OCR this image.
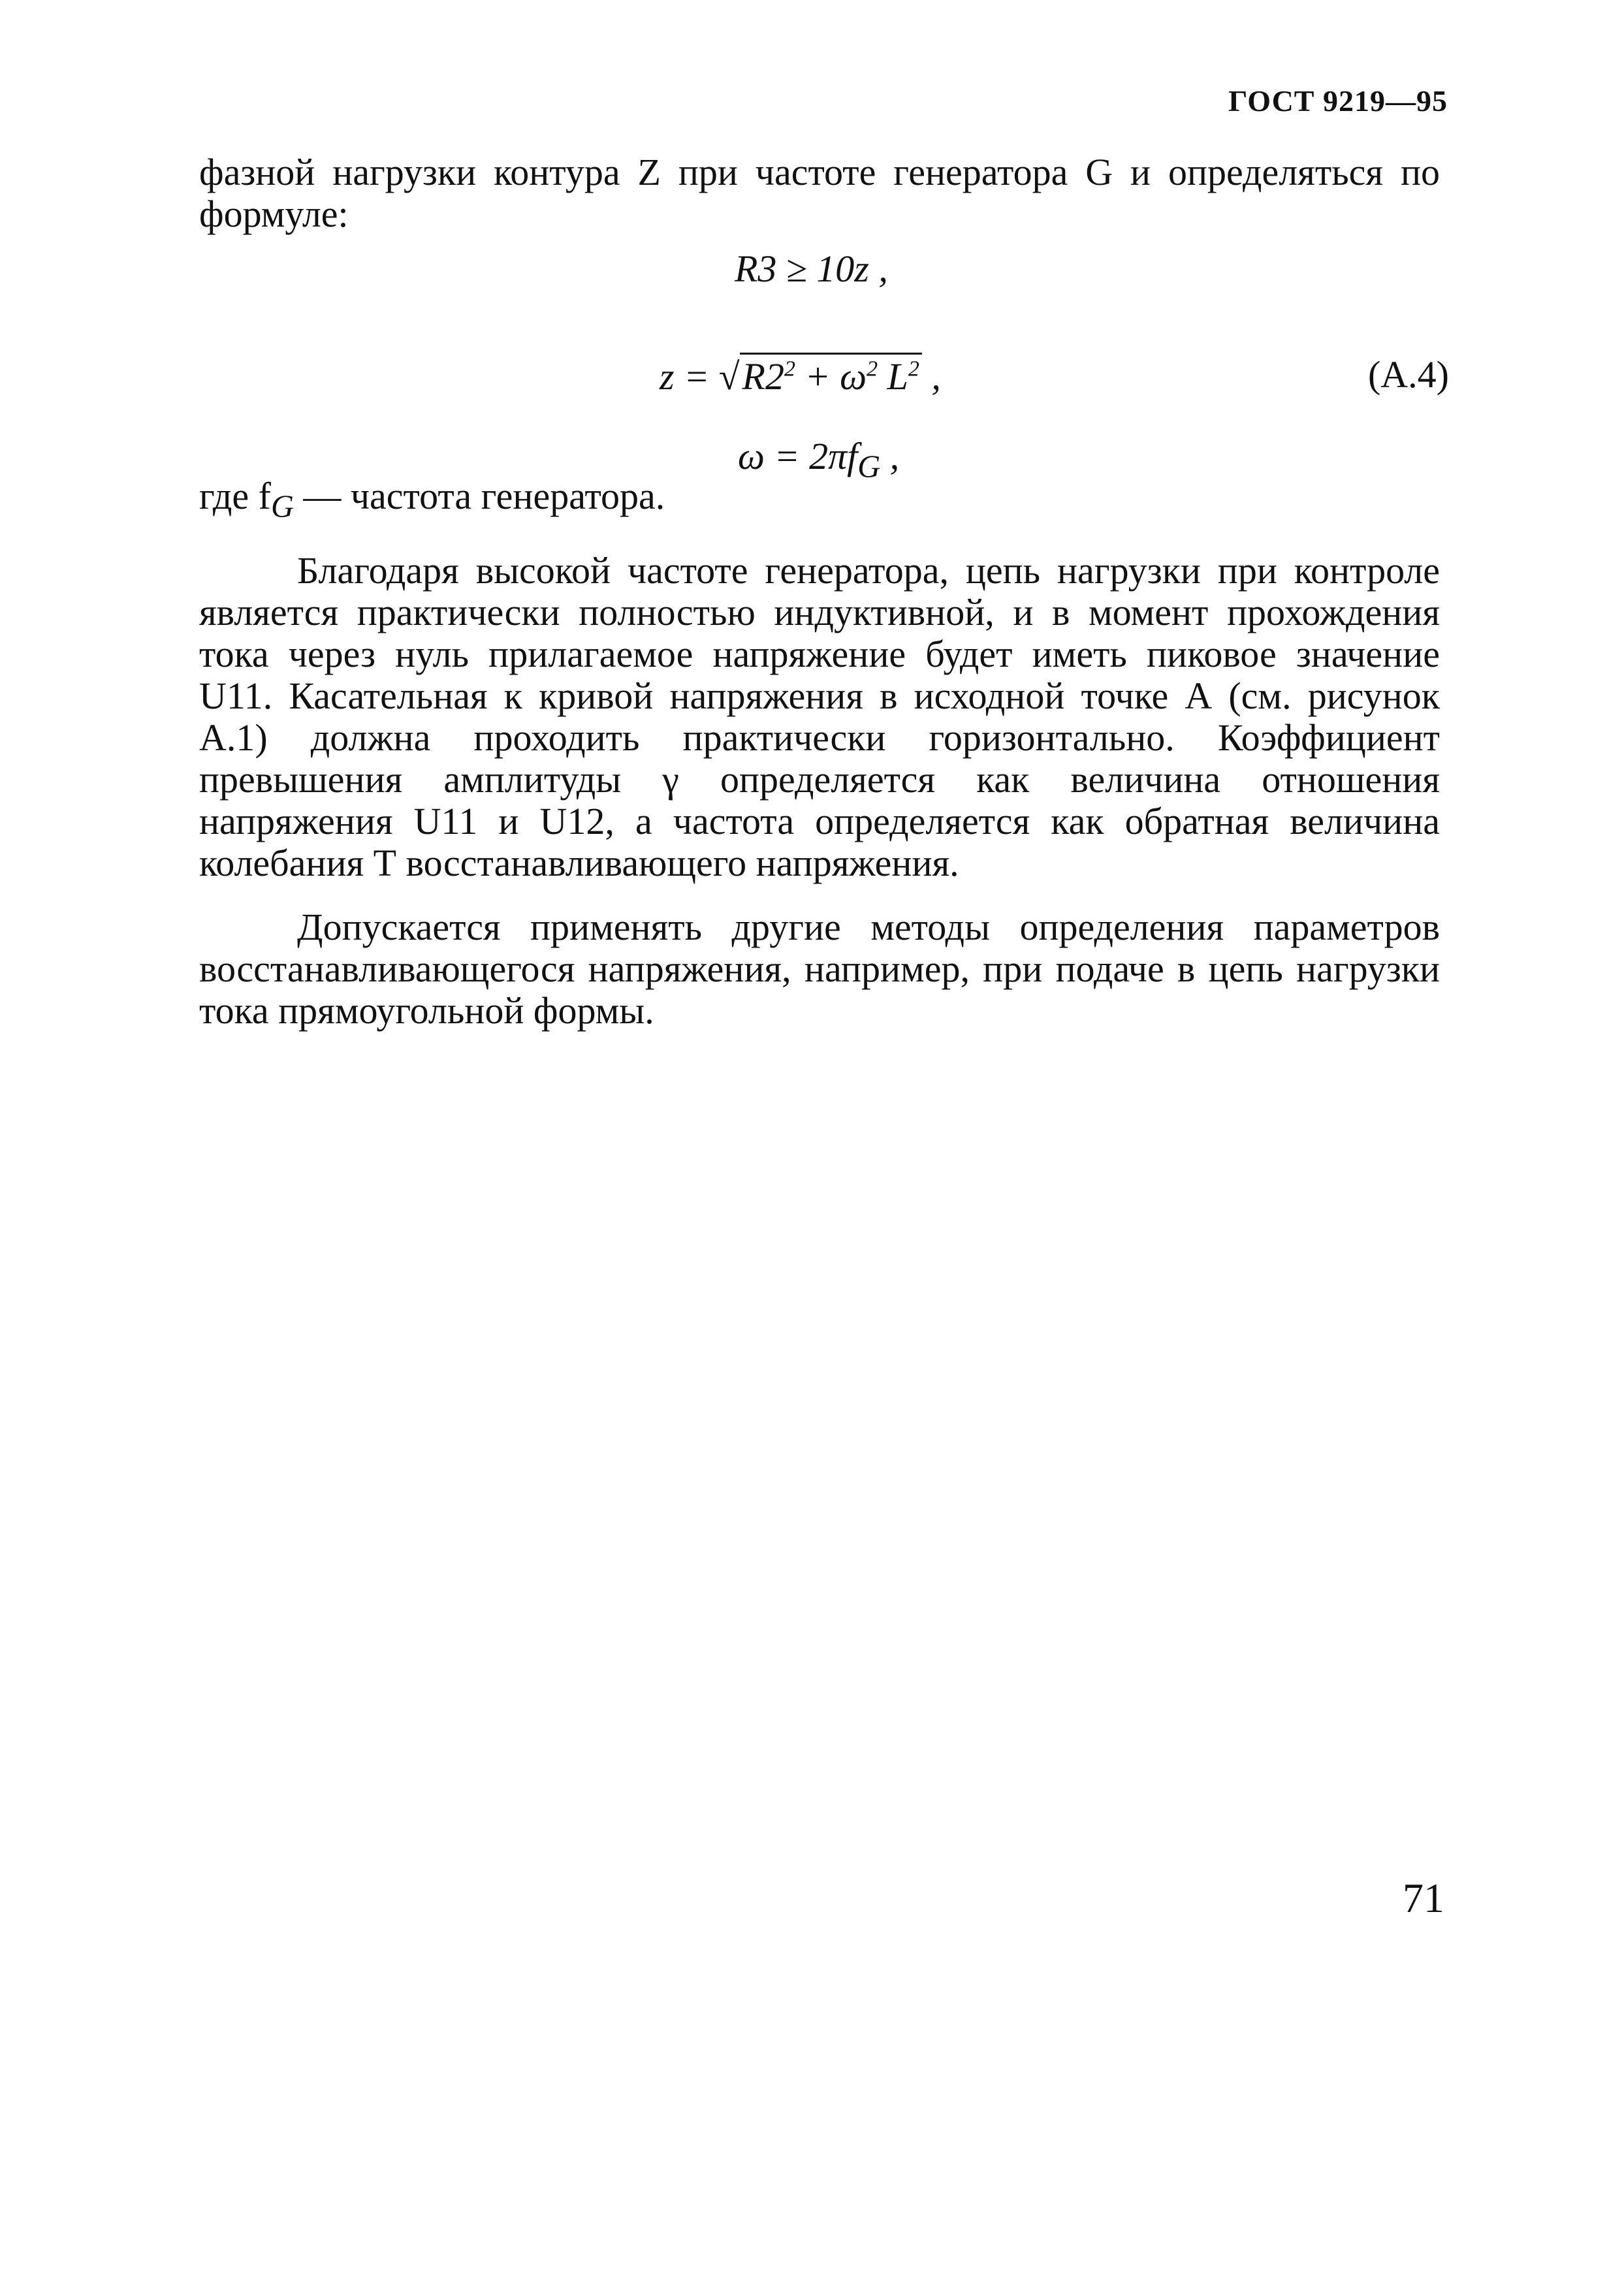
ГОСТ 9219—95
фазной нагрузки контура Z при частоте генератора G и определяться по формуле:
R3 ≥ 10z ,
$z = √R2^2 + \omega^2$ $L^2$ ,	(А.4)
$\omega = 2\pi f_G$ ,
где $f_G$ — частота генератора.
Благодаря высокой частоте генератора, цепь нагрузки при контроле является практически полностью индуктивной, и в момент прохождения тока через нуль прилагаемое напряжение будет иметь пиковое значение U11. Касательная к кривой напряжения в исходной точке А (см. рисунок А.1) должна проходить практически горизонтально. Коэффициент превышения амплитуды γ определяется как величина отношения напряжения U11 и U12, а частота определяется как обратная величина колебания Т восстанавливающего напряжения.
Допускается применять другие методы определения параметров восстанавливающегося напряжения, например, при подаче в цепь нагрузки тока прямоугольной формы.
71
